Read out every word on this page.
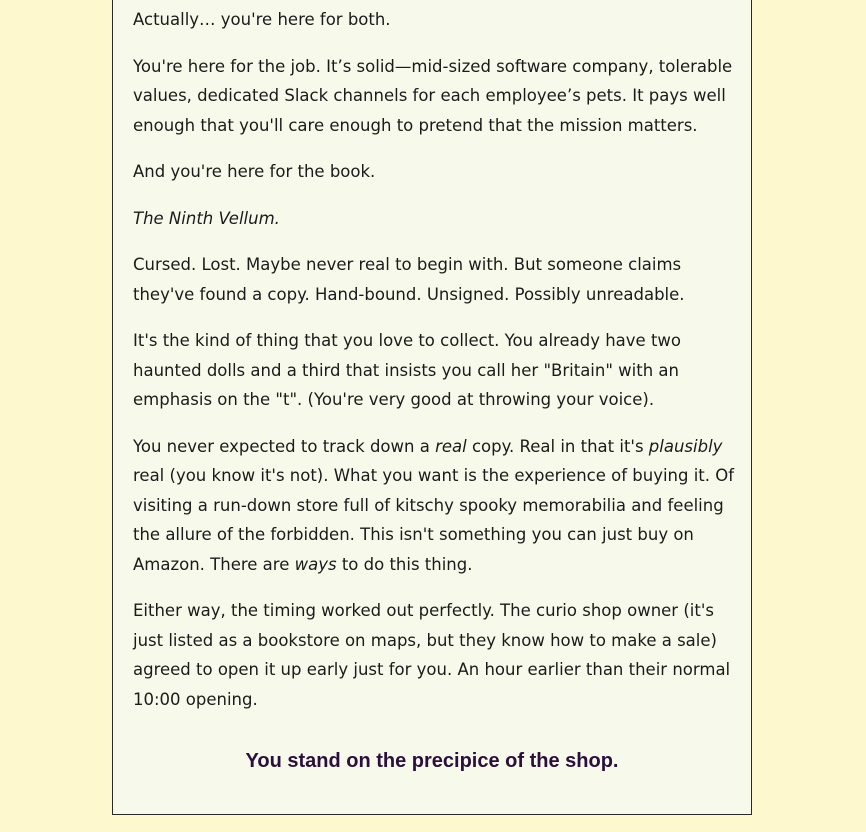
Actually… you're here for both.

You're here for the job. It’s solid—mid-sized software company, tolerable values, dedicated Slack channels for each employee’s pets. It pays well enough that you'll care enough to pretend that the mission matters.

And you're here for the book.

The Ninth Vellum.

Cursed. Lost. Maybe never real to begin with. But someone claims they've found a copy. Hand-bound. Unsigned. Possibly unreadable.

It's the kind of thing that you love to collect. You already have two haunted dolls and a third that insists you call her "Britain" with an emphasis on the "t". (You're very good at throwing your voice).

You never expected to track down a real copy. Real in that it's plausibly real (you know it's not). What you want is the experience of buying it. Of visiting a run-down store full of kitschy spooky memorabilia and feeling the allure of the forbidden. This isn't something you can just buy on Amazon. There are ways to do this thing.

Either way, the timing worked out perfectly. The curio shop owner (it's just listed as a bookstore on maps, but they know how to make a sale) agreed to open it up early just for you. An hour earlier than their normal 10:00 opening.

You stand on the precipice of the shop.
